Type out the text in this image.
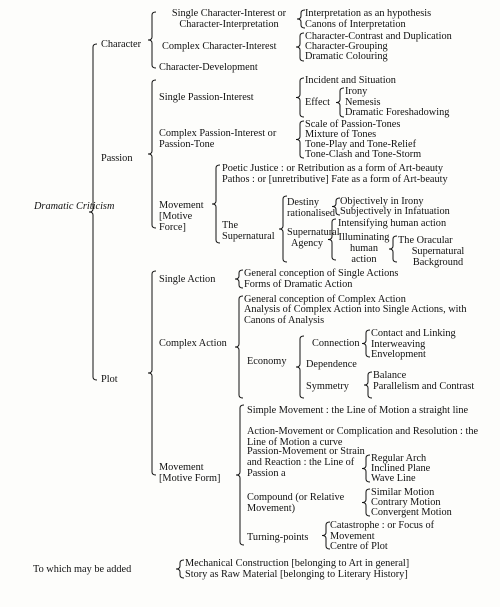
Dramatic Criticism
Character
Single Character-Interest or Character-Interpretation
Interpretation as an hypothesis
Canons of Interpretation
Complex Character-Interest
Character-Contrast and Duplication
Character-Grouping
Dramatic Colouring
Character-Development
Passion
Single Passion-Interest
Incident and Situation
Effect
Irony
Nemesis
Dramatic Foreshadowing
Complex Passion-Interest or Passion-Tone
Scale of Passion-Tones
Mixture of Tones
Tone-Play and Tone-Relief
Tone-Clash and Tone-Storm
Movement [Motive Force]
Poetic Justice : or Retribution as a form of Art-beauty
Pathos : or [unretributive] Fate as a form of Art-beauty
The Supernatural
Destiny rationalised
Objectively in Irony
Subjectively in Infatuation
Supernatural Agency
Intensifying human action
Illuminating human action
The Oracular
Supernatural Background
Plot
Single Action
General conception of Single Actions
Forms of Dramatic Action
Complex Action
General conception of Complex Action
Analysis of Complex Action into Single Actions, with Canons of Analysis
Economy
Connection
Contact and Linking
Interweaving
Envelopment
Dependence
Symmetry
Balance
Parallelism and Contrast
Movement [Motive Form]
Simple Movement : the Line of Motion a straight line
Action-Movement or Complication and Resolution : the Line of Motion a curve
Passion-Movement or Strain and Reaction : the Line of Passion a
Regular Arch
Inclined Plane
Wave Line
Compound (or Relative Movement)
Similar Motion
Contrary Motion
Convergent Motion
Turning-points
Catastrophe : or Focus of Movement
Centre of Plot
To which may be added
Mechanical Construction [belonging to Art in general]
Story as Raw Material [belonging to Literary History]
